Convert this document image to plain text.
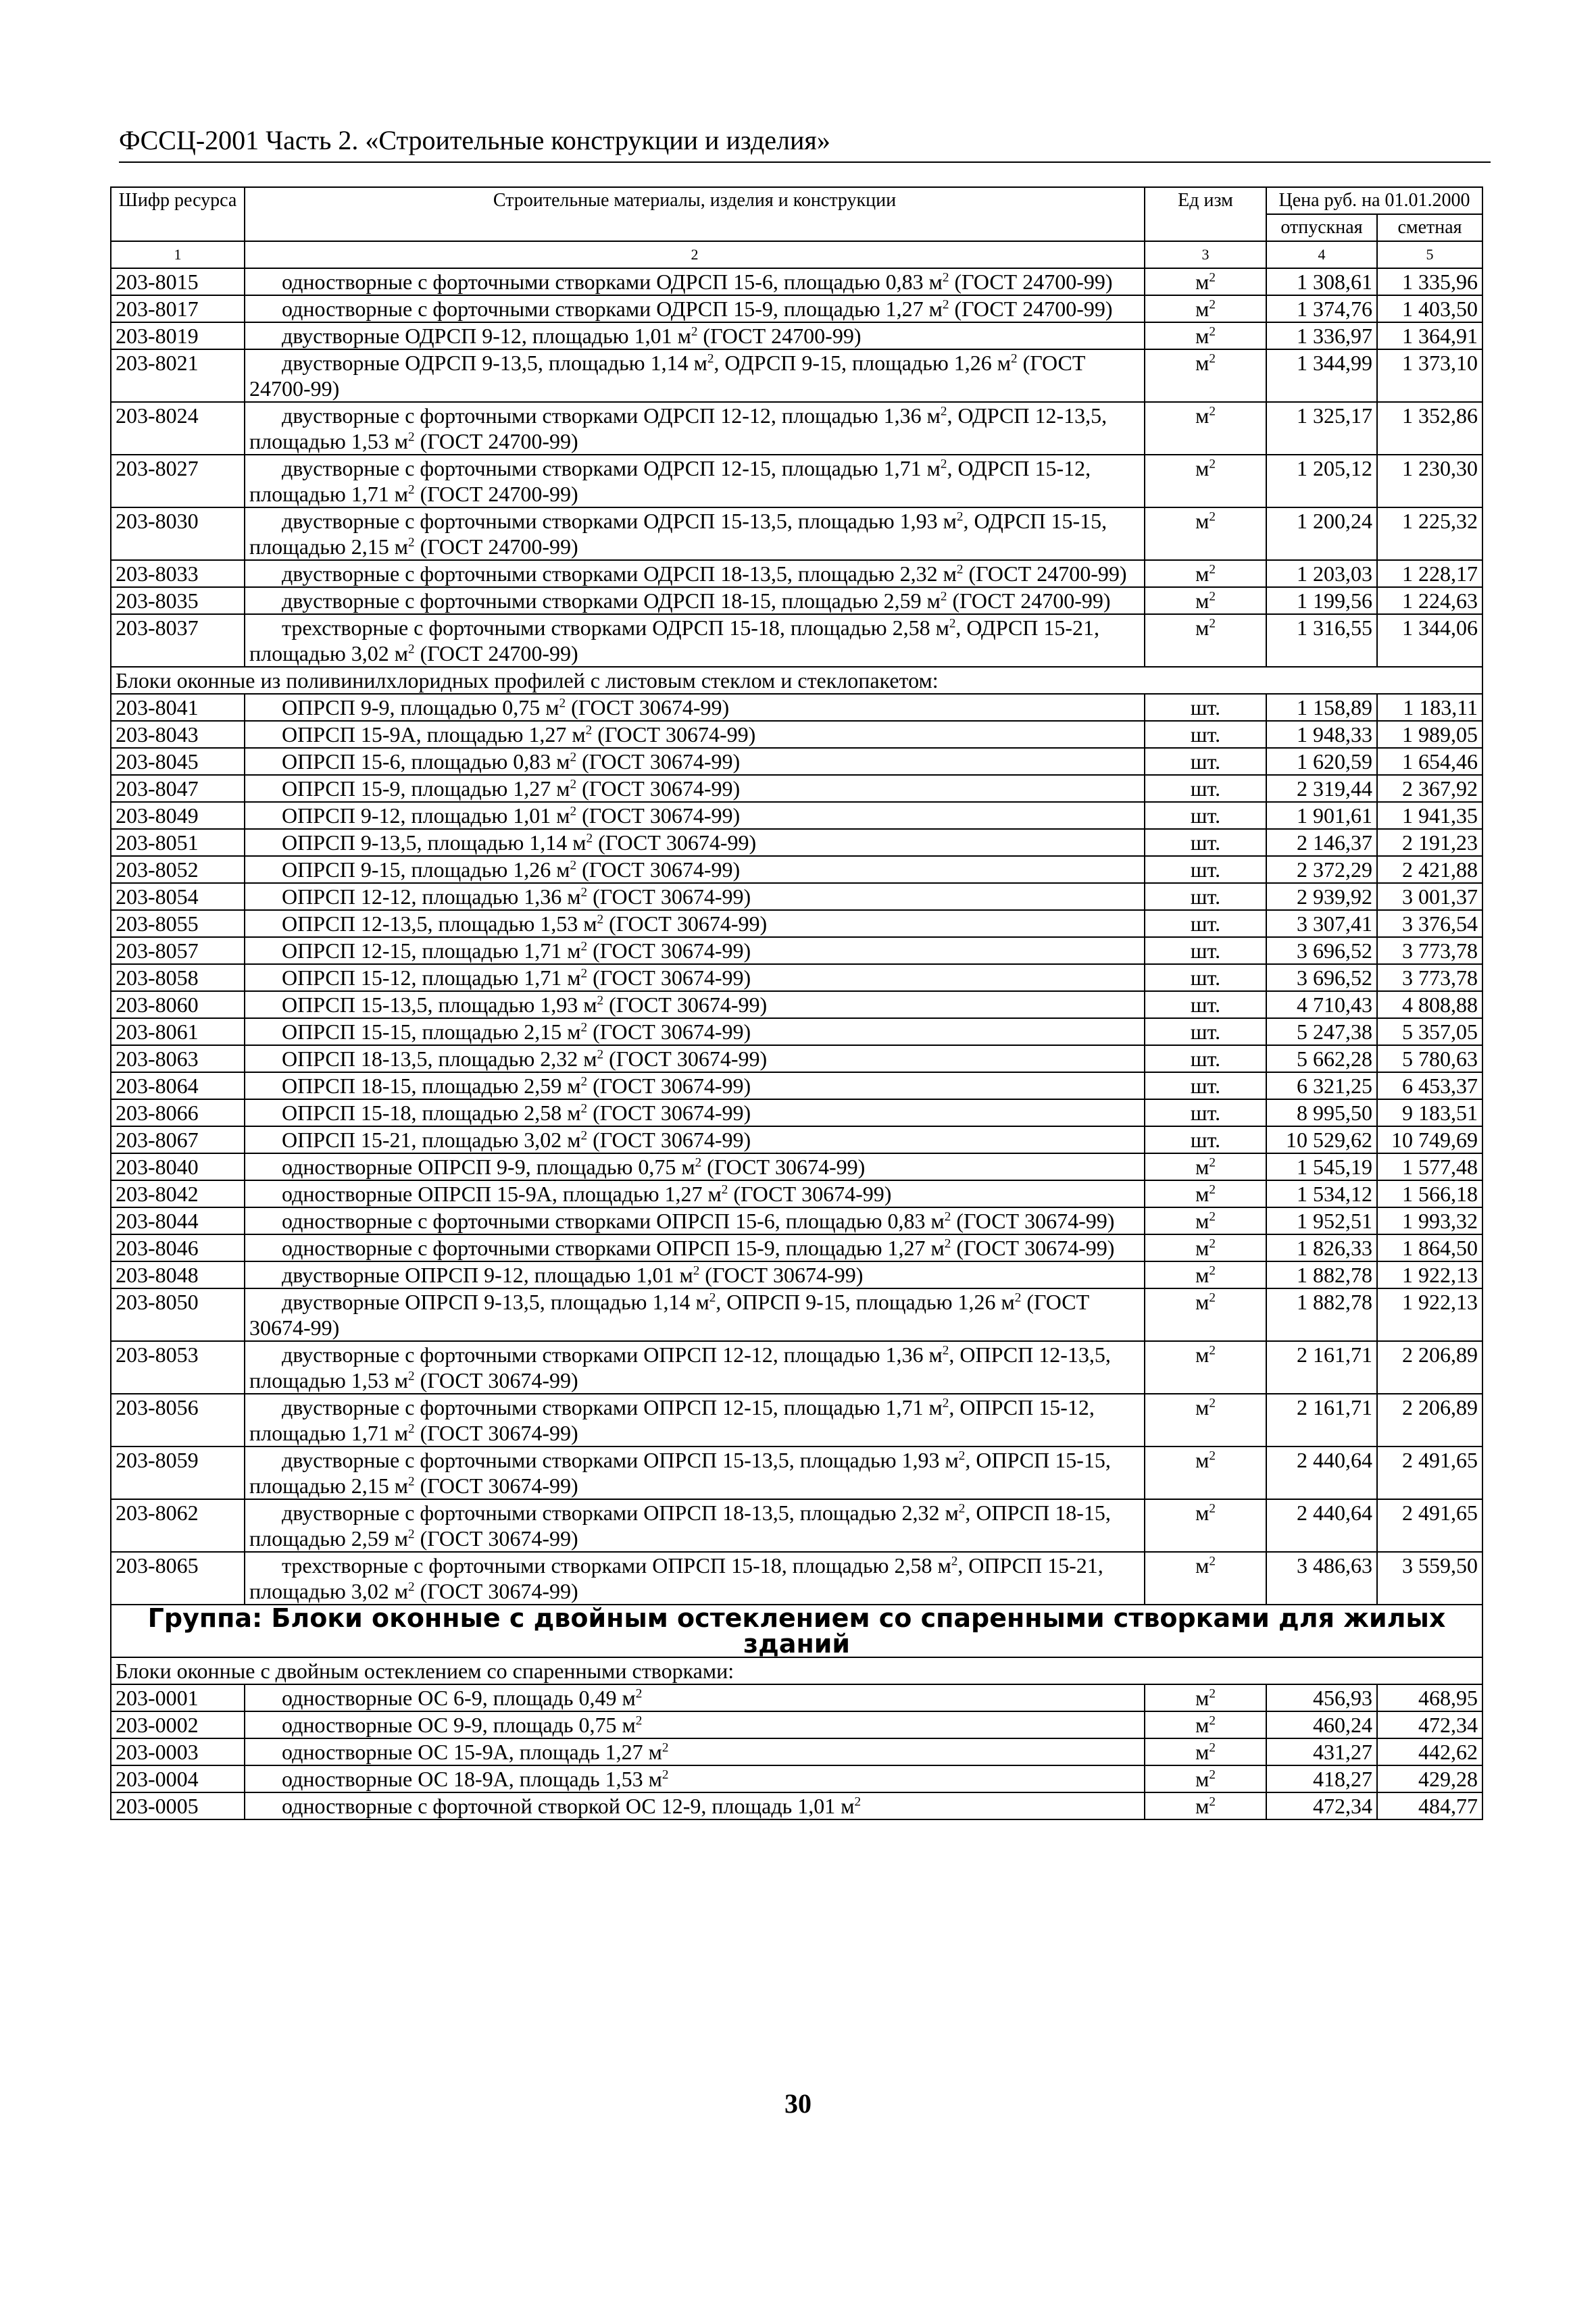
ФССЦ-2001 Часть 2. «Строительные конструкции и изделия»
Шифр ресурса	Строительные материалы, изделия и конструкции	Ед изм	Цена руб. на 01.01.2000	
			отпускная	сметная
1	2	3	4	5
203-8015	одностворные с форточными створками ОДРСП 15-6, площадью 0,83 $м^2$ (ГОСТ 24700-99)	$м^2$	1 308,61	1 335,96
203-8017	одностворные с форточными створками ОДРСП 15-9, площадью 1,27 $м^2$ (ГОСТ 24700-99)	$м^2$	1 374,76	1 403,50
203-8019	двустворные ОДРСП 9-12, площадью 1,01 $м^2$ (ГОСТ 24700-99)	$м^2$	1 336,97	1 364,91
203-8021	двустворные ОДРСП 9-13,5, площадью 1,14 $м^2$, ОДРСП 9-15, площадью 1,26 $м^2$ (ГОСТ 24700-99)	$м^2$	1 344,99	1 373,10
203-8024	двустворные с форточными створками ОДРСП 12-12, площадью 1,36 $м^2$, ОДРСП 12-13,5, площадью 1,53 $м^2$ (ГОСТ 24700-99)	$м^2$	1 325,17	1 352,86
203-8027	двустворные с форточными створками ОДРСП 12-15, площадью 1,71 $м^2$, ОДРСП 15-12, площадью 1,71 $м^2$ (ГОСТ 24700-99)	$м^2$	1 205,12	1 230,30
203-8030	двустворные с форточными створками ОДРСП 15-13,5, площадью 1,93 $м^2$, ОДРСП 15-15, площадью 2,15 $м^2$ (ГОСТ 24700-99)	$м^2$	1 200,24	1 225,32
203-8033	двустворные с форточными створками ОДРСП 18-13,5, площадью 2,32 $м^2$ (ГОСТ 24700-99)	$м^2$	1 203,03	1 228,17
203-8035	двустворные с форточными створками ОДРСП 18-15, площадью 2,59 $м^2$ (ГОСТ 24700-99)	$м^2$	1 199,56	1 224,63
203-8037	трехстворные с форточными створками ОДРСП 15-18, площадью 2,58 $м^2$, ОДРСП 15-21, площадью 3,02 $м^2$ (ГОСТ 24700-99)	$м^2$	1 316,55	1 344,06
Блоки оконные из поливинилхлоридных профилей с листовым стеклом и стеклопакетом:				
203-8041	ОПРСП 9-9, площадью 0,75 $м^2$ (ГОСТ 30674-99)	шт.	1 158,89	1 183,11
203-8043	ОПРСП 15-9А, площадью 1,27 $м^2$ (ГОСТ 30674-99)	шт.	1 948,33	1 989,05
203-8045	ОПРСП 15-6, площадью 0,83 $м^2$ (ГОСТ 30674-99)	шт.	1 620,59	1 654,46
203-8047	ОПРСП 15-9, площадью 1,27 $м^2$ (ГОСТ 30674-99)	шт.	2 319,44	2 367,92
203-8049	ОПРСП 9-12, площадью 1,01 $м^2$ (ГОСТ 30674-99)	шт.	1 901,61	1 941,35
203-8051	ОПРСП 9-13,5, площадью 1,14 $м^2$ (ГОСТ 30674-99)	шт.	2 146,37	2 191,23
203-8052	ОПРСП 9-15, площадью 1,26 $м^2$ (ГОСТ 30674-99)	шт.	2 372,29	2 421,88
203-8054	ОПРСП 12-12, площадью 1,36 $м^2$ (ГОСТ 30674-99)	шт.	2 939,92	3 001,37
203-8055	ОПРСП 12-13,5, площадью 1,53 $м^2$ (ГОСТ 30674-99)	шт.	3 307,41	3 376,54
203-8057	ОПРСП 12-15, площадью 1,71 $м^2$ (ГОСТ 30674-99)	шт.	3 696,52	3 773,78
203-8058	ОПРСП 15-12, площадью 1,71 $м^2$ (ГОСТ 30674-99)	шт.	3 696,52	3 773,78
203-8060	ОПРСП 15-13,5, площадью 1,93 $м^2$ (ГОСТ 30674-99)	шт.	4 710,43	4 808,88
203-8061	ОПРСП 15-15, площадью 2,15 $м^2$ (ГОСТ 30674-99)	шт.	5 247,38	5 357,05
203-8063	ОПРСП 18-13,5, площадью 2,32 $м^2$ (ГОСТ 30674-99)	шт.	5 662,28	5 780,63
203-8064	ОПРСП 18-15, площадью 2,59 $м^2$ (ГОСТ 30674-99)	шт.	6 321,25	6 453,37
203-8066	ОПРСП 15-18, площадью 2,58 $м^2$ (ГОСТ 30674-99)	шт.	8 995,50	9 183,51
203-8067	ОПРСП 15-21, площадью 3,02 $м^2$ (ГОСТ 30674-99)	шт.	10 529,62	10 749,69
203-8040	одностворные ОПРСП 9-9, площадью 0,75 $м^2$ (ГОСТ 30674-99)	$м^2$	1 545,19	1 577,48
203-8042	одностворные ОПРСП 15-9А, площадью 1,27 $м^2$ (ГОСТ 30674-99)	$м^2$	1 534,12	1 566,18
203-8044	одностворные с форточными створками ОПРСП 15-6, площадью 0,83 $м^2$ (ГОСТ 30674-99)	$м^2$	1 952,51	1 993,32
203-8046	одностворные с форточными створками ОПРСП 15-9, площадью 1,27 $м^2$ (ГОСТ 30674-99)	$м^2$	1 826,33	1 864,50
203-8048	двустворные ОПРСП 9-12, площадью 1,01 $м^2$ (ГОСТ 30674-99)	$м^2$	1 882,78	1 922,13
203-8050	двустворные ОПРСП 9-13,5, площадью 1,14 $м^2$, ОПРСП 9-15, площадью 1,26 $м^2$ (ГОСТ 30674-99)	$м^2$	1 882,78	1 922,13
203-8053	двустворные с форточными створками ОПРСП 12-12, площадью 1,36 $м^2$, ОПРСП 12-13,5, площадью 1,53 $м^2$ (ГОСТ 30674-99)	$м^2$	2 161,71	2 206,89
203-8056	двустворные с форточными створками ОПРСП 12-15, площадью 1,71 $м^2$, ОПРСП 15-12, площадью 1,71 $м^2$ (ГОСТ 30674-99)	$м^2$	2 161,71	2 206,89
203-8059	двустворные с форточными створками ОПРСП 15-13,5, площадью 1,93 $м^2$, ОПРСП 15-15, площадью 2,15 $м^2$ (ГОСТ 30674-99)	$м^2$	2 440,64	2 491,65
203-8062	двустворные с форточными створками ОПРСП 18-13,5, площадью 2,32 $м^2$, ОПРСП 18-15, площадью 2,59 $м^2$ (ГОСТ 30674-99)	$м^2$	2 440,64	2 491,65
203-8065	трехстворные с форточными створками ОПРСП 15-18, площадью 2,58 $м^2$, ОПРСП 15-21, площадью 3,02 $м^2$ (ГОСТ 30674-99)	$м^2$	3 486,63	3 559,50
Группа: Блоки оконные с двойным остеклением со спаренными створками для жилых зданий				
Блоки оконные с двойным остеклением со спаренными створками:				
203-0001	одностворные ОС 6-9, площадь 0,49 $м^2$	$м^2$	456,93	468,95
203-0002	одностворные ОС 9-9, площадь 0,75 $м^2$	$м^2$	460,24	472,34
203-0003	одностворные ОС 15-9А, площадь 1,27 $м^2$	$м^2$	431,27	442,62
203-0004	одностворные ОС 18-9А, площадь 1,53 $м^2$	$м^2$	418,27	429,28
203-0005	одностворные с форточной створкой ОС 12-9, площадь 1,01 $м^2$	$м^2$	472,34	484,77
30
